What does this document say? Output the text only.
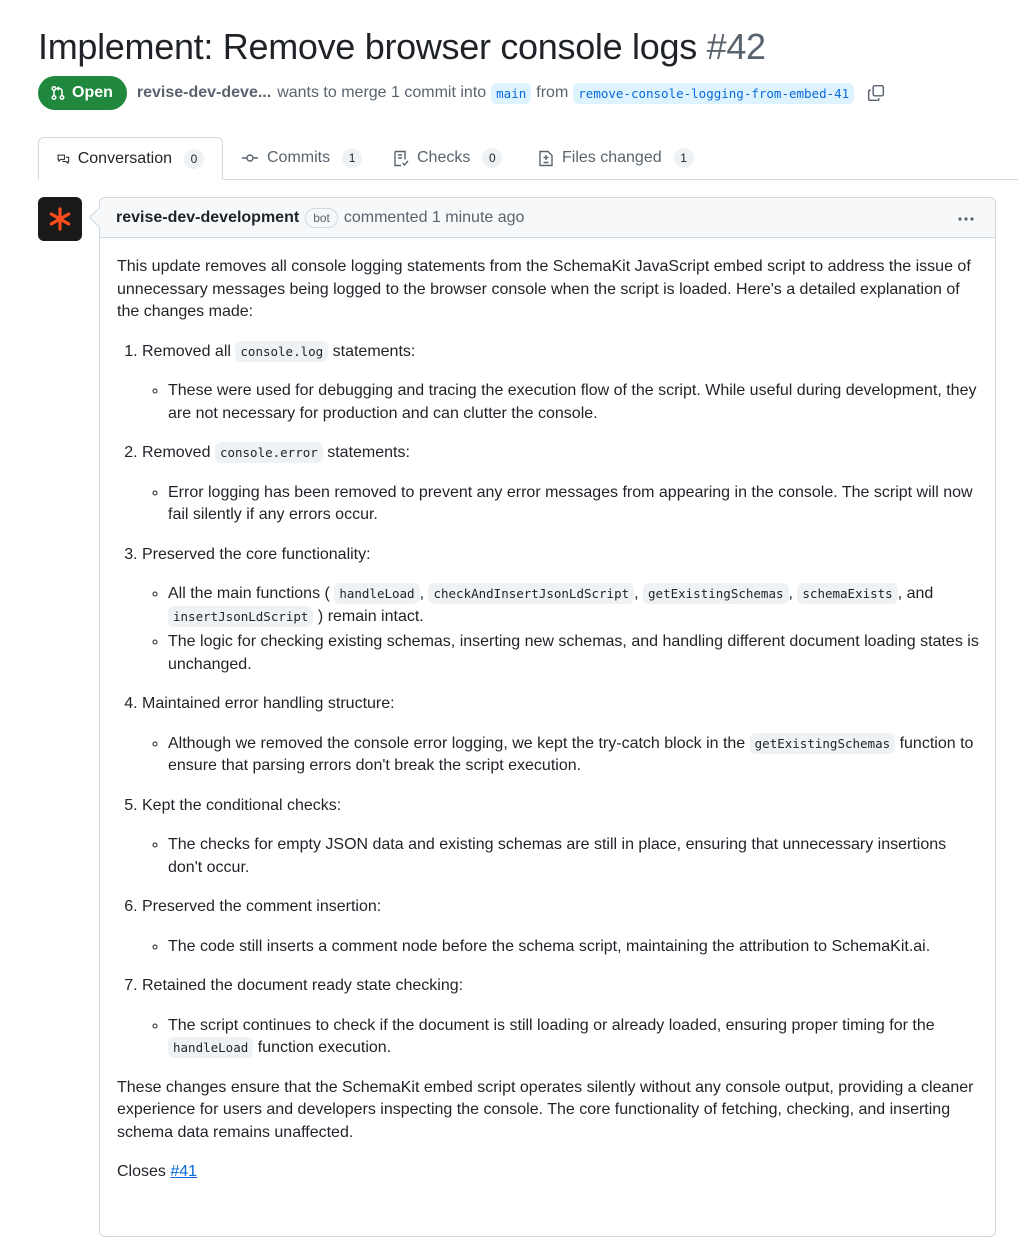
Implement: Remove browser console logs #42
Open revise-dev-deve... wants to merge 1 commit into main from remove-console-logging-from-embed-41
Conversation	0	Commits	1	Checks	0	Files changed	1
revise-dev-development	bot commented 1 minute ago

This update removes all console logging statements from the SchemaKit JavaScript embed script to address the issue of unnecessary messages being logged to the browser console when the script is loaded. Here's a detailed explanation of the changes made:

1. Removed all console.log statements:
◦ These were used for debugging and tracing the execution flow of the script. While useful during development, they are not necessary for production and can clutter the console.
2. Removed console.error statements:
◦ Error logging has been removed to prevent any error messages from appearing in the console. The script will now fail silently if any errors occur.
3. Preserved the core functionality:
◦ All the main functions ( handleLoad , checkAndInsertJsonLdScript , getExistingSchemas , schemaExists , and insertJsonLdScript ) remain intact.
◦ The logic for checking existing schemas, inserting new schemas, and handling different document loading states is unchanged.
4. Maintained error handling structure:
◦ Although we removed the console error logging, we kept the try-catch block in the getExistingSchemas function to ensure that parsing errors don't break the script execution.
5. Kept the conditional checks:
◦ The checks for empty JSON data and existing schemas are still in place, ensuring that unnecessary insertions don't occur.
6. Preserved the comment insertion:
◦ The code still inserts a comment node before the schema script, maintaining the attribution to SchemaKit.ai.
7. Retained the document ready state checking:
◦ The script continues to check if the document is still loading or already loaded, ensuring proper timing for the handleLoad function execution.

These changes ensure that the SchemaKit embed script operates silently without any console output, providing a cleaner experience for users and developers inspecting the console. The core functionality of fetching, checking, and inserting schema data remains unaffected.

Closes #41
